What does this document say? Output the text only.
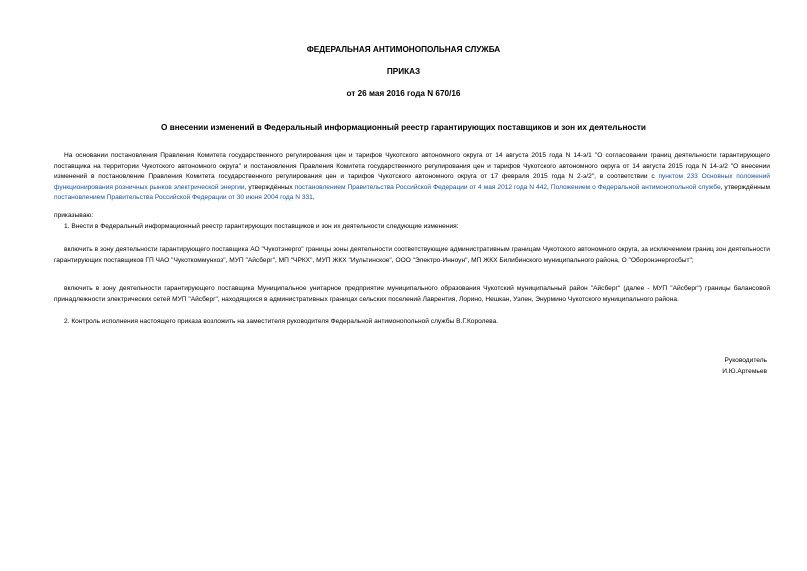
ФЕДЕРАЛЬНАЯ АНТИМОНОПОЛЬНАЯ СЛУЖБА
ПРИКАЗ
от 26 мая 2016 года N 670/16
О внесении изменений в Федеральный информационный реестр гарантирующих поставщиков и зон их деятельности
На основании постановления Правления Комитета государственного регулирования цен и тарифов Чукотского автономного округа от 14 августа 2015 года N 14-э/1 "О согласовании границ деятельности гарантирующего поставщика на территории Чукотского автономного округа" и постановления Правления Комитета государственного регулирования цен и тарифов Чукотского автономного округа от 14 августа 2015 года N 14-э/2 "О внесении изменений в постановление Правления Комитета государственного регулирования цен и тарифов Чукотского автономного округа от 17 февраля 2015 года N 2-э/2", в соответствии с пунктом 233 Основных положений функционирования розничных рынков электрической энергии, утверждённых постановлением Правительства Российской Федерации от 4 мая 2012 года N 442, Положением о Федеральной антимонопольной службе, утверждённым постановлением Правительства Российской Федерации от 30 июня 2004 года N 331,
приказываю:
1. Внести в Федеральный информационный реестр гарантирующих поставщиков и зон их деятельности следующие изменения:
включить в зону деятельности гарантирующего поставщика АО "Чукотэнерго" границы зоны деятельности соответствующие административным границам Чукотского автономного округа, за исключением границ зон деятельности гарантирующих поставщиков ГП ЧАО "Чукоткоммунхоз", МУП "Айсберг", МП "ЧРКХ", МУП ЖКХ "Иультинское", ООО "Электро-Инноун", МП ЖКХ Билибинского муниципального района, О "Оборонэнергосбыт";
включить в зону деятельности гарантирующего поставщика Муниципальное унитарное предприятие муниципального образования Чукотский муниципальный район "Айсберг" (далее - МУП "Айсберг") границы балансовой принадлежности электрических сетей МУП "Айсберг", находящихся в административных границах сельских поселений Лаврентия, Лорино, Нешкан, Уэлен, Энурмино Чукотского муниципального района.
2. Контроль исполнения настоящего приказа возложить на заместителя руководителя Федеральной антимонопольной службы В.Г.Королева.
Руководитель
И.Ю.Артемьев
